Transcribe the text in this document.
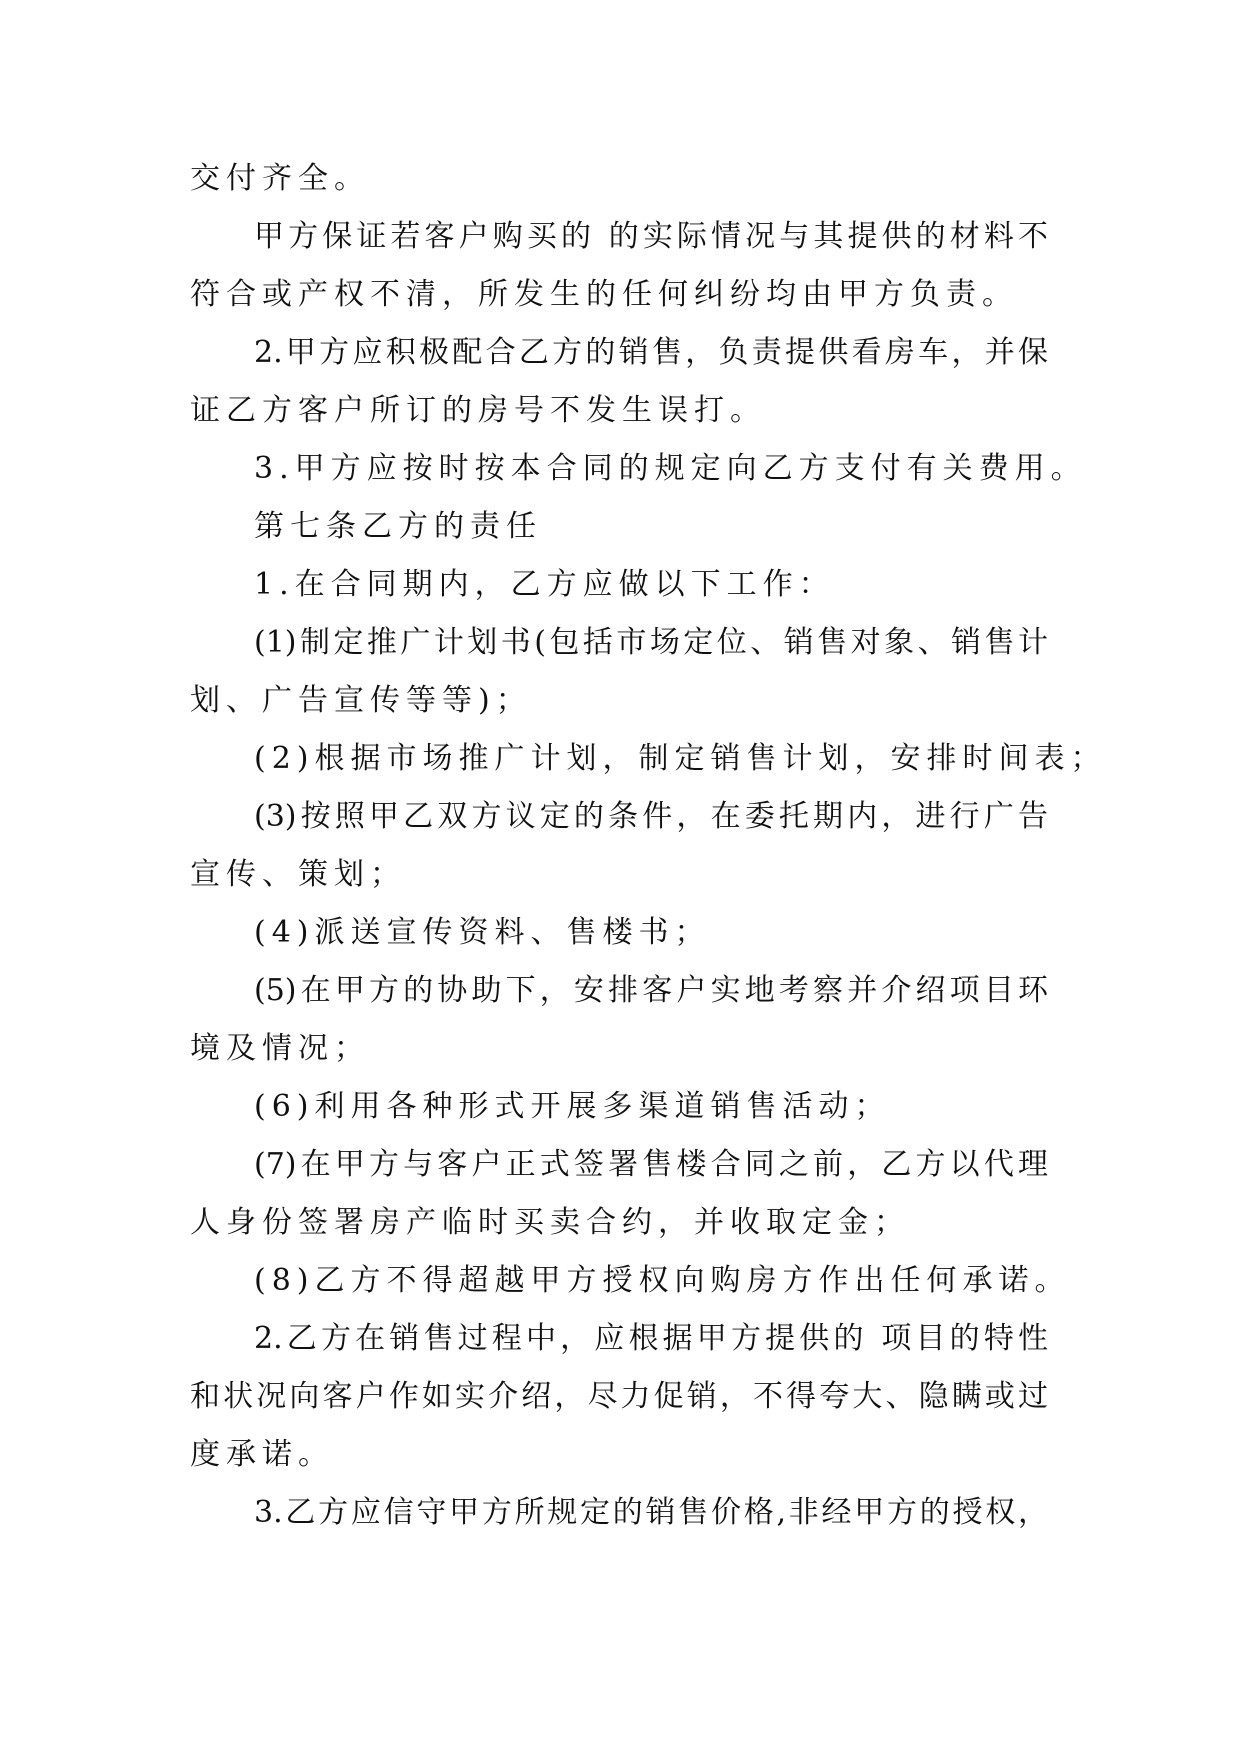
交付齐全。
甲方保证若客户购买的 的实际情况与其提供的材料不
符合或产权不清，所发生的任何纠纷均由甲方负责。
2.甲方应积极配合乙方的销售，负责提供看房车，并保
证乙方客户所订的房号不发生误打。
3.甲方应按时按本合同的规定向乙方支付有关费用。
第七条乙方的责任
1.在合同期内，乙方应做以下工作：
(1)制定推广计划书(包括市场定位、销售对象、销售计
划、广告宣传等等)；
(2)根据市场推广计划，制定销售计划，安排时间表；
(3)按照甲乙双方议定的条件，在委托期内，进行广告
宣传、策划；
(4)派送宣传资料、售楼书；
(5)在甲方的协助下，安排客户实地考察并介绍项目环
境及情况；
(6)利用各种形式开展多渠道销售活动；
(7)在甲方与客户正式签署售楼合同之前，乙方以代理
人身份签署房产临时买卖合约，并收取定金；
(8)乙方不得超越甲方授权向购房方作出任何承诺。
2.乙方在销售过程中，应根据甲方提供的 项目的特性
和状况向客户作如实介绍，尽力促销，不得夸大、隐瞒或过
度承诺。
3.乙方应信守甲方所规定的销售价格,非经甲方的授权，
